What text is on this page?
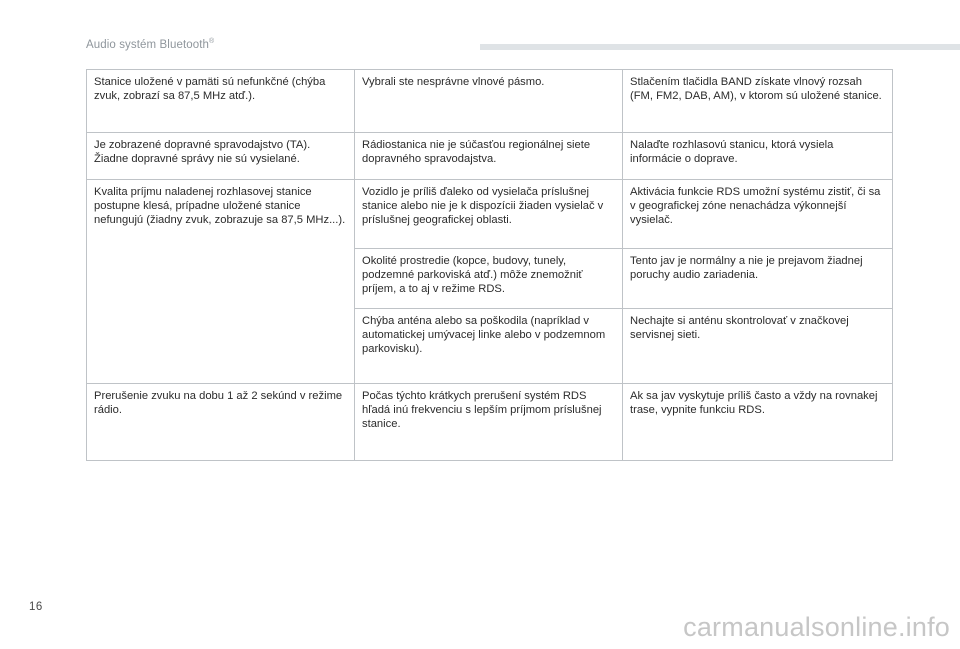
Audio systém Bluetooth®
Stanice uložené v pamäti sú nefunkčné (chýba zvuk, zobrazí sa 87,5 MHz atď.).	Vybrali ste nesprávne vlnové pásmo.	Stlačením tlačidla BAND získate vlnový rozsah (FM, FM2, DAB, AM), v ktorom sú uložené stanice.
Je zobrazené dopravné spravodajstvo (TA). Žiadne dopravné správy nie sú vysielané.	Rádiostanica nie je súčasťou regionálnej siete dopravného spravodajstva.	Nalaďte rozhlasovú stanicu, ktorá vysiela informácie o doprave.
Kvalita príjmu naladenej rozhlasovej stanice postupne klesá, prípadne uložené stanice nefungujú (žiadny zvuk, zobrazuje sa 87,5 MHz...).	Vozidlo je príliš ďaleko od vysielača príslušnej stanice alebo nie je k dispozícii žiaden vysielač v príslušnej geografickej oblasti.	Aktivácia funkcie RDS umožní systému zistiť, či sa v geografickej zóne nenachádza výkonnejší vysielač.
	Okolité prostredie (kopce, budovy, tunely, podzemné parkoviská atď.) môže znemožniť príjem, a to aj v režime RDS.	Tento jav je normálny a nie je prejavom žiadnej poruchy audio zariadenia.
	Chýba anténa alebo sa poškodila (napríklad v automatickej umývacej linke alebo v podzemnom parkovisku).	Nechajte si anténu skontrolovať v značkovej servisnej sieti.
Prerušenie zvuku na dobu 1 až 2 sekúnd v režime rádio.	Počas týchto krátkych prerušení systém RDS hľadá inú frekvenciu s lepším príjmom príslušnej stanice.	Ak sa jav vyskytuje príliš často a vždy na rovnakej trase, vypnite funkciu RDS.
16
carmanualsonline.info
